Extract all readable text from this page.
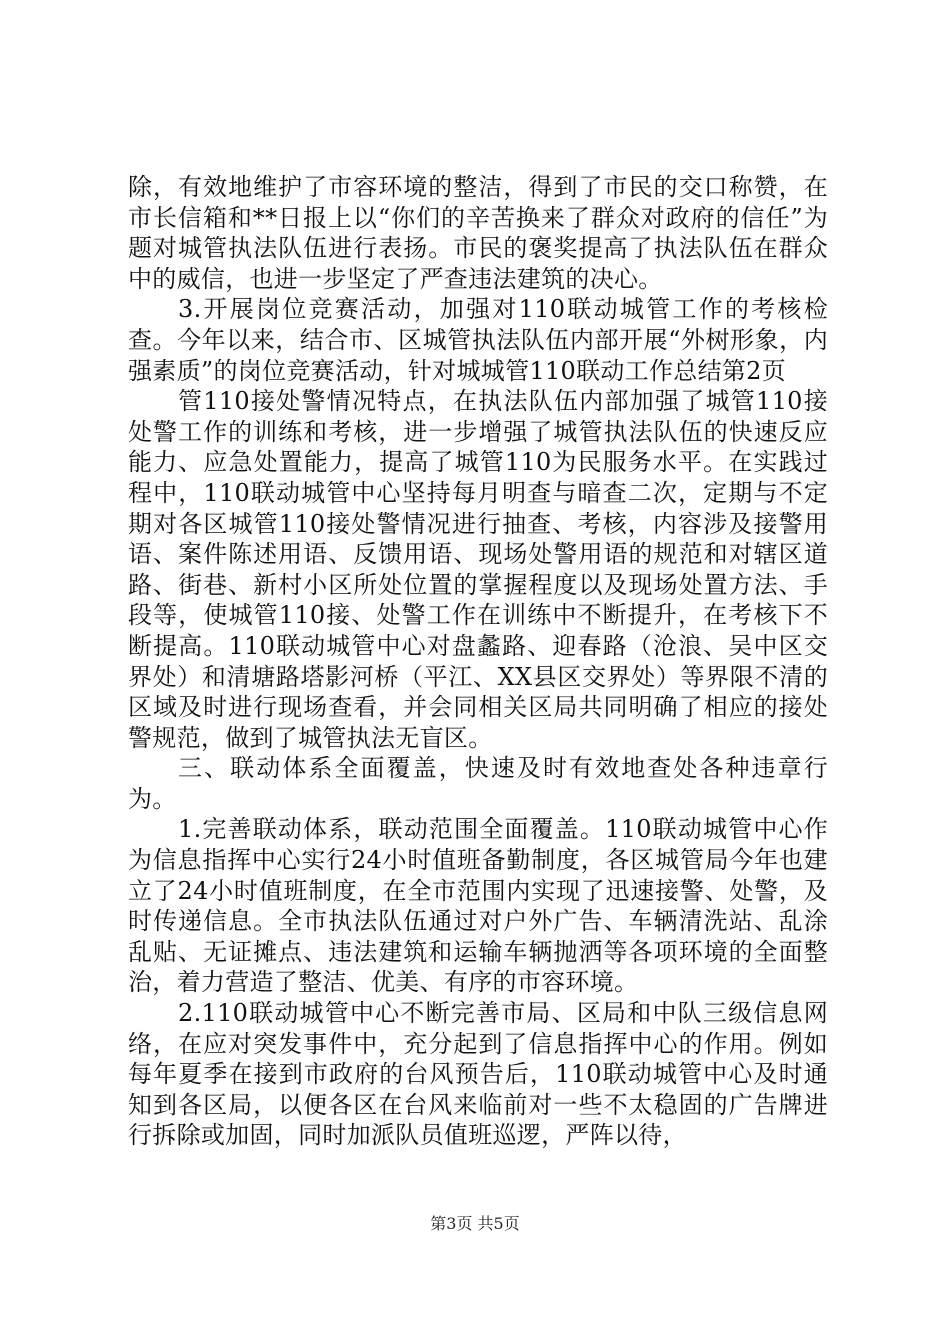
除，有效地维护了市容环境的整洁，得到了市民的交口称赞，在市长信箱和**日报上以“你们的辛苦换来了群众对政府的信任”为题对城管执法队伍进行表扬。市民的褒奖提高了执法队伍在群众中的威信，也进一步坚定了严查违法建筑的决心。

3.开展岗位竞赛活动，加强对110联动城管工作的考核检查。今年以来，结合市、区城管执法队伍内部开展“外树形象，内强素质”的岗位竞赛活动，针对城城管110联动工作总结第2页

管110接处警情况特点，在执法队伍内部加强了城管110接处警工作的训练和考核，进一步增强了城管执法队伍的快速反应能力、应急处置能力，提高了城管110为民服务水平。在实践过程中，110联动城管中心坚持每月明查与暗查二次，定期与不定期对各区城管110接处警情况进行抽查、考核，内容涉及接警用语、案件陈述用语、反馈用语、现场处警用语的规范和对辖区道路、街巷、新村小区所处位置的掌握程度以及现场处置方法、手段等，使城管110接、处警工作在训练中不断提升，在考核下不断提高。110联动城管中心对盘蠡路、迎春路（沧浪、吴中区交界处）和清塘路塔影河桥（平江、XX县区交界处）等界限不清的区域及时进行现场查看，并会同相关区局共同明确了相应的接处警规范，做到了城管执法无盲区。

三、联动体系全面覆盖，快速及时有效地查处各种违章行为。

1.完善联动体系，联动范围全面覆盖。110联动城管中心作为信息指挥中心实行24小时值班备勤制度，各区城管局今年也建立了24小时值班制度，在全市范围内实现了迅速接警、处警，及时传递信息。全市执法队伍通过对户外广告、车辆清洗站、乱涂乱贴、无证摊点、违法建筑和运输车辆抛洒等各项环境的全面整治，着力营造了整洁、优美、有序的市容环境。

2.110联动城管中心不断完善市局、区局和中队三级信息网络，在应对突发事件中，充分起到了信息指挥中心的作用。例如每年夏季在接到市政府的台风预告后，110联动城管中心及时通知到各区局，以便各区在台风来临前对一些不太稳固的广告牌进行拆除或加固，同时加派队员值班巡逻，严阵以待，

第3页 共5页
